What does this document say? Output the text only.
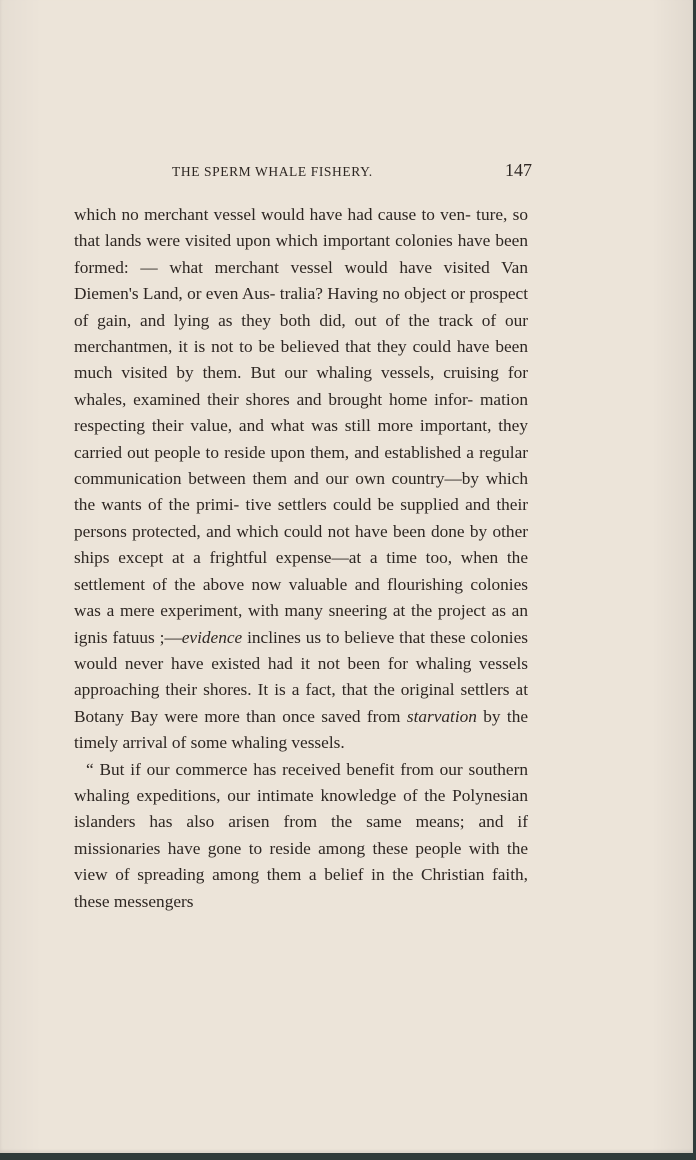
THE SPERM WHALE FISHERY.	147

which no merchant vessel would have had cause to ven- ture, so that lands were visited upon which important colonies have been formed: — what merchant vessel would have visited Van Diemen's Land, or even Aus- tralia? Having no object or prospect of gain, and lying as they both did, out of the track of our merchantmen, it is not to be believed that they could have been much visited by them. But our whaling vessels, cruising for whales, examined their shores and brought home infor- mation respecting their value, and what was still more important, they carried out people to reside upon them, and established a regular communication between them and our own country—by which the wants of the primi- tive settlers could be supplied and their persons protected, and which could not have been done by other ships except at a frightful expense—at a time too, when the settlement of the above now valuable and flourishing colonies was a mere experiment, with many sneering at the project as an ignis fatuus ;—evidence inclines us to believe that these colonies would never have existed had it not been for whaling vessels approaching their shores. It is a fact, that the original settlers at Botany Bay were more than once saved from starvation by the timely arrival of some whaling vessels.

“ But if our commerce has received benefit from our southern whaling expeditions, our intimate knowledge of the Polynesian islanders has also arisen from the same means; and if missionaries have gone to reside among these people with the view of spreading among them a belief in the Christian faith, these messengers
